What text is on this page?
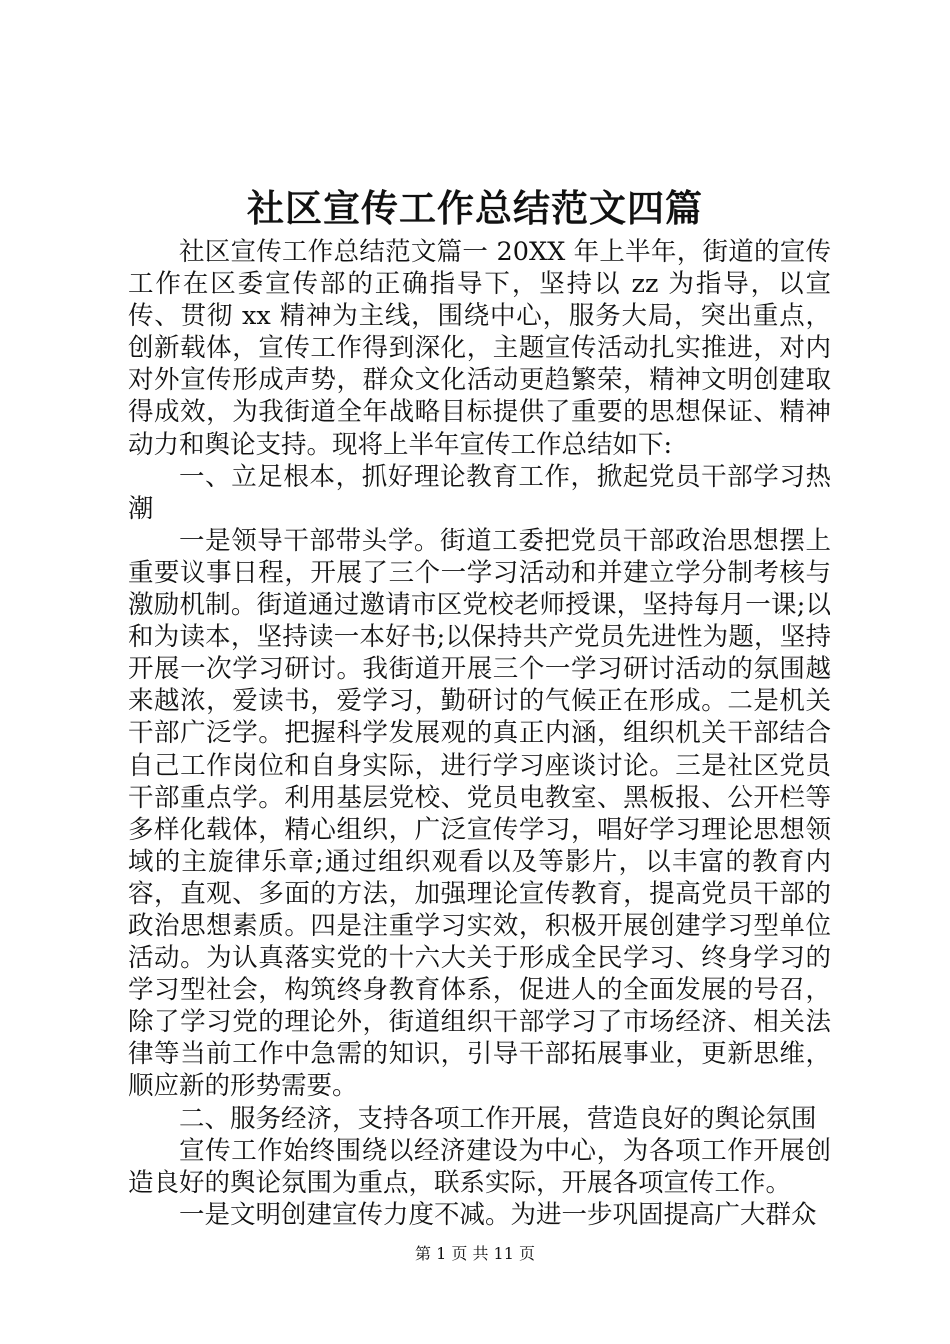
社区宣传工作总结范文四篇

社区宣传工作总结范文篇一 20XX 年上半年，街道的宣传工作在区委宣传部的正确指导下，坚持以 zz 为指导，以宣传、贯彻 xx 精神为主线，围绕中心，服务大局，突出重点，创新载体，宣传工作得到深化，主题宣传活动扎实推进，对内对外宣传形成声势，群众文化活动更趋繁荣，精神文明创建取得成效，为我街道全年战略目标提供了重要的思想保证、精神动力和舆论支持。现将上半年宣传工作总结如下:

一、立足根本，抓好理论教育工作，掀起党员干部学习热潮

一是领导干部带头学。街道工委把党员干部政治思想摆上重要议事日程，开展了三个一学习活动和并建立学分制考核与激励机制。街道通过邀请市区党校老师授课，坚持每月一课;以和为读本，坚持读一本好书;以保持共产党员先进性为题，坚持开展一次学习研讨。我街道开展三个一学习研讨活动的氛围越来越浓，爱读书，爱学习，勤研讨的气候正在形成。二是机关干部广泛学。把握科学发展观的真正内涵，组织机关干部结合自己工作岗位和自身实际，进行学习座谈讨论。三是社区党员干部重点学。利用基层党校、党员电教室、黑板报、公开栏等多样化载体，精心组织，广泛宣传学习，唱好学习理论思想领域的主旋律乐章;通过组织观看以及等影片，以丰富的教育内容，直观、多面的方法，加强理论宣传教育，提高党员干部的政治思想素质。四是注重学习实效，积极开展创建学习型单位活动。为认真落实党的十六大关于形成全民学习、终身学习的学习型社会，构筑终身教育体系，促进人的全面发展的号召，除了学习党的理论外，街道组织干部学习了市场经济、相关法律等当前工作中急需的知识，引导干部拓展事业，更新思维，顺应新的形势需要。

二、服务经济，支持各项工作开展，营造良好的舆论氛围

宣传工作始终围绕以经济建设为中心，为各项工作开展创造良好的舆论氛围为重点，联系实际，开展各项宣传工作。

一是文明创建宣传力度不减。为进一步巩固提高广大群众

第 1 页 共 11 页
